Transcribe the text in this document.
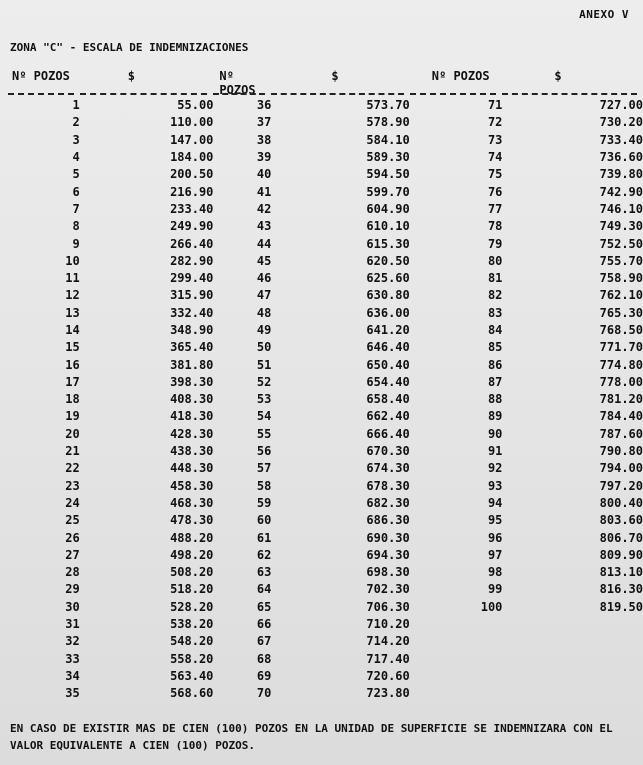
ANEXO V
ZONA "C" - ESCALA DE INDEMNIZACIONES
Nº POZOS	$	Nº POZOS	$	Nº POZOS	$

1	55.00	36	573.70	71	727.00
2	110.00	37	578.90	72	730.20
3	147.00	38	584.10	73	733.40
4	184.00	39	589.30	74	736.60
5	200.50	40	594.50	75	739.80
6	216.90	41	599.70	76	742.90
7	233.40	42	604.90	77	746.10
8	249.90	43	610.10	78	749.30
9	266.40	44	615.30	79	752.50
10	282.90	45	620.50	80	755.70
11	299.40	46	625.60	81	758.90
12	315.90	47	630.80	82	762.10
13	332.40	48	636.00	83	765.30
14	348.90	49	641.20	84	768.50
15	365.40	50	646.40	85	771.70
16	381.80	51	650.40	86	774.80
17	398.30	52	654.40	87	778.00
18	408.30	53	658.40	88	781.20
19	418.30	54	662.40	89	784.40
20	428.30	55	666.40	90	787.60
21	438.30	56	670.30	91	790.80
22	448.30	57	674.30	92	794.00
23	458.30	58	678.30	93	797.20
24	468.30	59	682.30	94	800.40
25	478.30	60	686.30	95	803.60
26	488.20	61	690.30	96	806.70
27	498.20	62	694.30	97	809.90
28	508.20	63	698.30	98	813.10
29	518.20	64	702.30	99	816.30
30	528.20	65	706.30	100	819.50
31	538.20	66	710.20		
32	548.20	67	714.20		
33	558.20	68	717.40		
34	563.40	69	720.60		
35	568.60	70	723.80		
EN CASO DE EXISTIR MAS DE CIEN (100) POZOS EN LA UNIDAD DE SUPERFICIE SE INDEMNIZARA CON EL VALOR EQUIVALENTE A CIEN (100) POZOS.
